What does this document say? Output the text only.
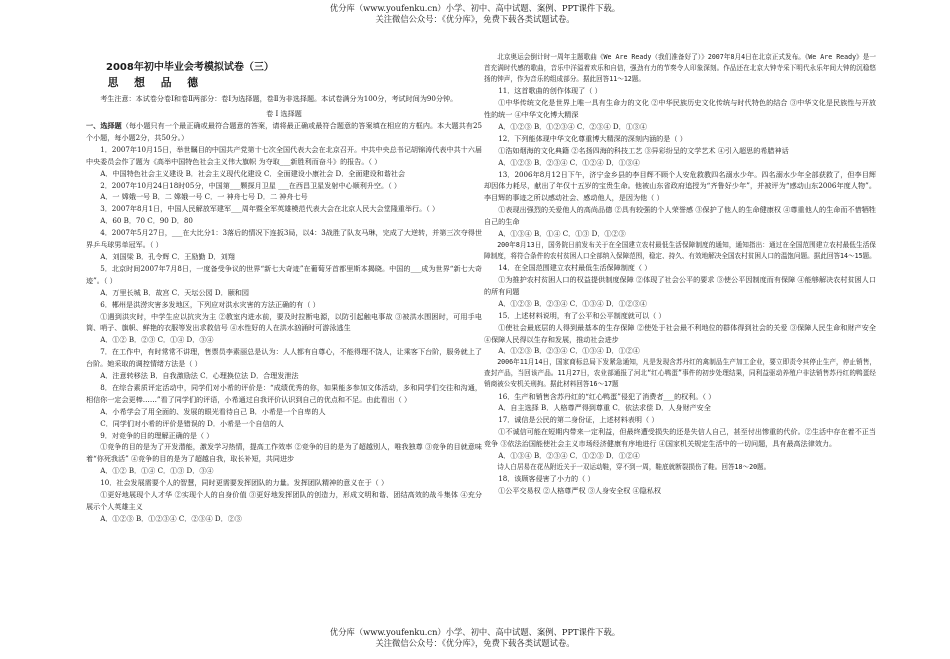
优分库（www.youfenku.cn）小学、初中、高中试题、案例、PPT课件下载。
关注微信公众号：《优分库》，免费下载各类试题试卷。

2008年初中毕业会考模拟试卷（三）

思 想 品 德

考生注意：本试卷分卷Ⅰ和卷Ⅱ两部分：卷Ⅰ为选择题，卷Ⅱ为非选择题。本试卷满分为100分，考试时间为90分钟。

卷 Ⅰ 选择题

一、选择题（每小题只有一个最正确或最符合题意的答案，请将最正确或最符合题意的答案填在相应的方框内。本大题共有25个小题，每小题2分，共50分。）

1．2007年10月15日，举世瞩目的中国共产党第十七次全国代表大会在北京召开。中共中央总书记胡锦涛代表中共十六届中央委员会作了题为《高举中国特色社会主义伟大旗帜 为夺取___新胜利而奋斗》的报告。（ ）

A．中国特色社会主义建设 B．社会主义现代化建设 C．全面建设小康社会 D．全面建设和谐社会

2．2007年10月24日18时05分，中国第___颗探月卫星 ___在西昌卫星发射中心顺利升空。（ ）

A．一 嫦娥一号 B．二 嫦娥一号 C．一 神舟七号 D．二 神舟七号

3．2007年8月1日，中国人民解放军建军___周年暨全军英雄模范代表大会在北京人民大会堂隆重举行。（ ）

A．60 B．70 C．90 D．80

4．2007年5月27日，___在大比分1：3落后的情况下连扳3局，以4：3战胜了队友马琳，完成了大逆转，并第三次夺得世界乒乓球男单冠军。（ ）

A．刘国梁 B．孔令辉 C．王励勤 D．刘翔

5．北京时间2007年7月8日，一度备受争议的世界“新七大奇迹”在葡萄牙首都里斯本揭晓。中国的___成为世界“新七大奇迹”。（ ）

A．万里长城 B．故宫 C．天坛公园 D．颐和园

6．郴州是洪涝灾害多发地区，下列应对洪水灾害的方法正确的有（ ）

①遇到洪灾时，中学生应以抗灾为主 ②教室内进水前，要及时拉断电源，以防引起触电事故 ③被洪水围困时，可用手电筒、哨子、旗帜、鲜艳的衣服等发出求救信号 ④水性好的人在洪水汹涌时可游泳逃生

A．①② B．②③ C．①④ D．③④

7．在工作中，有时常常不讲理，售票员李素丽总是认为：人人都有自尊心，不能得理不饶人，让乘客下台阶，服务就上了台阶。她采取的调控情绪方法是（ ）

A．注意转移法 B．自我激励法 C．心理换位法 D．合理发泄法

8．在综合素质评定活动中，同学们对小希的评价是：“成绩优秀的你，如果能多参加文体活动，多和同学们交往和沟通，相信你一定会更棒……”看了同学们的评语，小希通过自我评价认识到自己的优点和不足。由此看出（ ）

A．小希学会了用全面的、发展的眼光看待自己 B．小希是一个自卑的人

C．同学们对小希的评价是错误的 D．小希是一个自信的人

9．对竞争的目的理解正确的是（ ）

①竞争的目的是为了开发潜能，激发学习热情，提高工作效率 ②竞争的目的是为了超越别人，唯我独尊 ③竞争的目就意味着“你死我活” ④竞争的目的是为了超越自我，取长补短，共同进步

A．①② B．①④ C．①③ D．③④

10．社会发展需要个人的智慧，同时更需要发挥团队的力量。发挥团队精神的意义在于（ ）

①更好地展现个人才华 ②实现个人的自身价值 ③更好地发挥团队的创造力，形成文明和谐、团结高效的战斗集体 ④充分展示个人英雄主义

A．①②③ B．①②③④ C．②③④ D．②③

北京奥运会倒计时一周年主题歌曲《We Are Ready（我们准备好了）》2007年8月4日在北京正式发布。《We Are Ready》是一首充满时代感的歌曲，音乐中洋溢着欢乐和自信，强劲有力的节奏令人印象深刻。作品还在北京大钟寺采下明代永乐年间大钟的沉稳悠扬的钟声，作为音乐的组成部分。据此回答11～12题。

11．这首歌曲的创作体现了（ ）

①中华传统文化是世界上唯一具有生命力的文化 ②中华民族历史文化传统与时代特色的结合 ③中华文化是民族性与开放性的统一 ④中华文化博大精深

A．①②③ B．①②③④ C．②③④ D．①③④

12．下列能体现中华文化尊重博大精深的深刻内涵的是（ ）

①浩如烟海的文化典籍 ②名扬四海的科技工艺 ③异彩纷呈的文学艺术 ④引入超思的希腊神话

A．①②③ B．②③④ C．①②④ D．①③④

13．2006年8月12日下午，济宁金乡县的李目辉不顾个人安危救教四名溺水少年。四名溺水少年全部获救了，但李目辉却因体力耗尽，献出了年仅十五岁的宝贵生命。他被山东省政府追授为“齐鲁好少年”，并被评为“感动山东2006年度人物”。李目辉的事迹之所以感动社会、感动他人，是因为他（ ）

①表现出强烈的关爱他人的高尚品德 ②具有较强的个人荣誉感 ③保护了他人的生命健康权 ④尊重他人的生命而不惜牺牲自己的生命

A．①③④ B．①④ C．①③ D．①②③

200年8月13日，国务院日前发布关于在全国建立农村最低生活保障制度的通知，通知指出：通过在全国范围建立农村最低生活保障制度，将符合条件的农村贫困人口全部纳入保障范围，稳定、持久、有效地解决全国农村贫困人口的温饱问题。据此回答14～15题。

14．在全国范围建立农村最低生活保障制度（ ）

①为推护农村贫困人口的权益提供制度保障 ②体现了社会公平的要求 ③使公平因制度而有保障 ④能够解决农村贫困人口的所有问题

A．①②③ B．②③④ C．①③④ D．①②③④

15．上述材料说明，有了公平和公平制度就可以（ ）

①使社会最底层的人得到最基本的生存保障 ②使处于社会最不利地位的群体得到社会的关爱 ③保障人民生命和财产安全 ④保障人民得以生存和发展，推动社会进步

A．①②③ B．②③④ C．①③④ D．①②④

2006年11月14日，国家商标总局下发紧急通知，凡是发现含苏丹红的禽制品生产加工企业，要立即责令其停止生产，停止销售，查封产品，当回该产品。11月27日，农业部通报了河北“红心鸭蛋”事件的初步处理结果，同利益驱动养殖户非法销售苏丹红的鸭蛋经销商被公安机关刑拘。据此材料回答16～17题

16．生产和销售含苏丹红的“红心鸭蛋”侵犯了消费者___的权利。（ ）

A．自主选择 B．人格尊严得到尊重 C．依法求偿 D．人身财产安全

17．诚信是公民的第二身份证，上述材料表明（ ）

①不诚信可能在短期内带来一定利益，但最终遭受损失的还是失信人自己，甚至付出惨重的代价。②生活中存在着不正当竞争 ③依法治国能使社会主义市场经济健康有序地进行 ④国家机关规定生活中的一切问题，具有最高法律效力。

A．①③④ B．②③④ C．①②③ D．①②④

诗人白居易在花丛附近关于一双运动鞋，穿不到一周，鞋底就断裂损伤了鞋。回答18～20题。

18．该顾客侵害了小力的（ ）

①公平交易权 ②人格尊严权 ③人身安全权 ④隐私权

优分库（www.youfenku.cn）小学、初中、高中试题、案例、PPT课件下载。
关注微信公众号：《优分库》，免费下载各类试题试卷。
